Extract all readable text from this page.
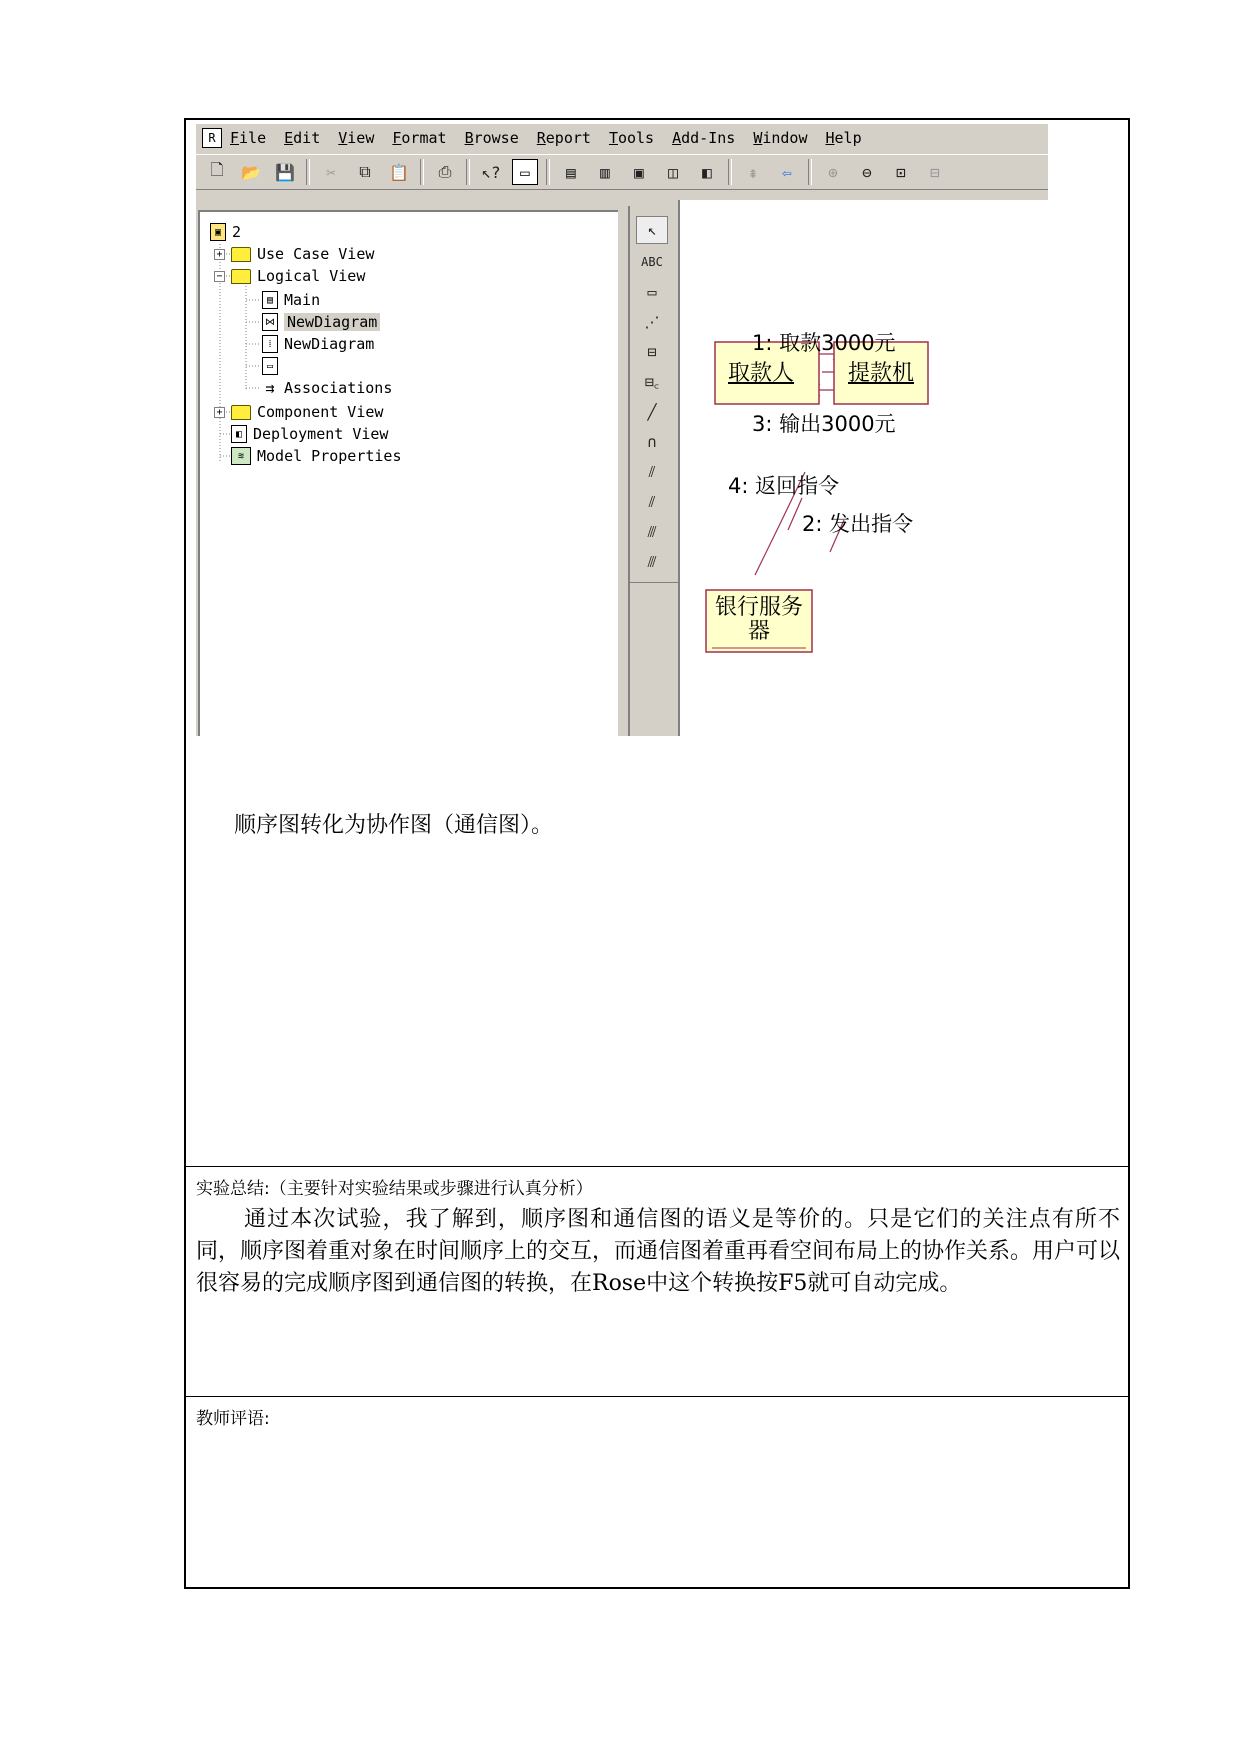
R File Edit View Format Browse Report Tools Add-Ins Window Help
🗋	📂 💾	✂	⧉	📋	⎙	↖?	▭	▤	▥	▣	◫	◧	⇞	⇦	⊕	⊖	⊡	⊟
▣ 2
+ Use Case View
− Logical View
▤ Main
⋈ NewDiagram
⁞ NewDiagram
▭
⇉ Associations
+ Component View
◧ Deployment View
≋ Model Properties
↖
ABC
▭
⋰
⊟
⊟꜀
╱
∩
⫽
⫽
⫻
⫻
取款人 提款机
银行服务器
1: 取款3000元
2: 发出指令
3: 输出3000元
4: 返回指令
顺序图转化为协作图（通信图）。
实验总结:（主要针对实验结果或步骤进行认真分析）

通过本次试验，我了解到，顺序图和通信图的语义是等价的。只是它们的关注点有所不同，顺序图着重对象在时间顺序上的交互，而通信图着重再看空间布局上的协作关系。用户可以很容易的完成顺序图到通信图的转换，在Rose中这个转换按F5就可自动完成。

教师评语:
